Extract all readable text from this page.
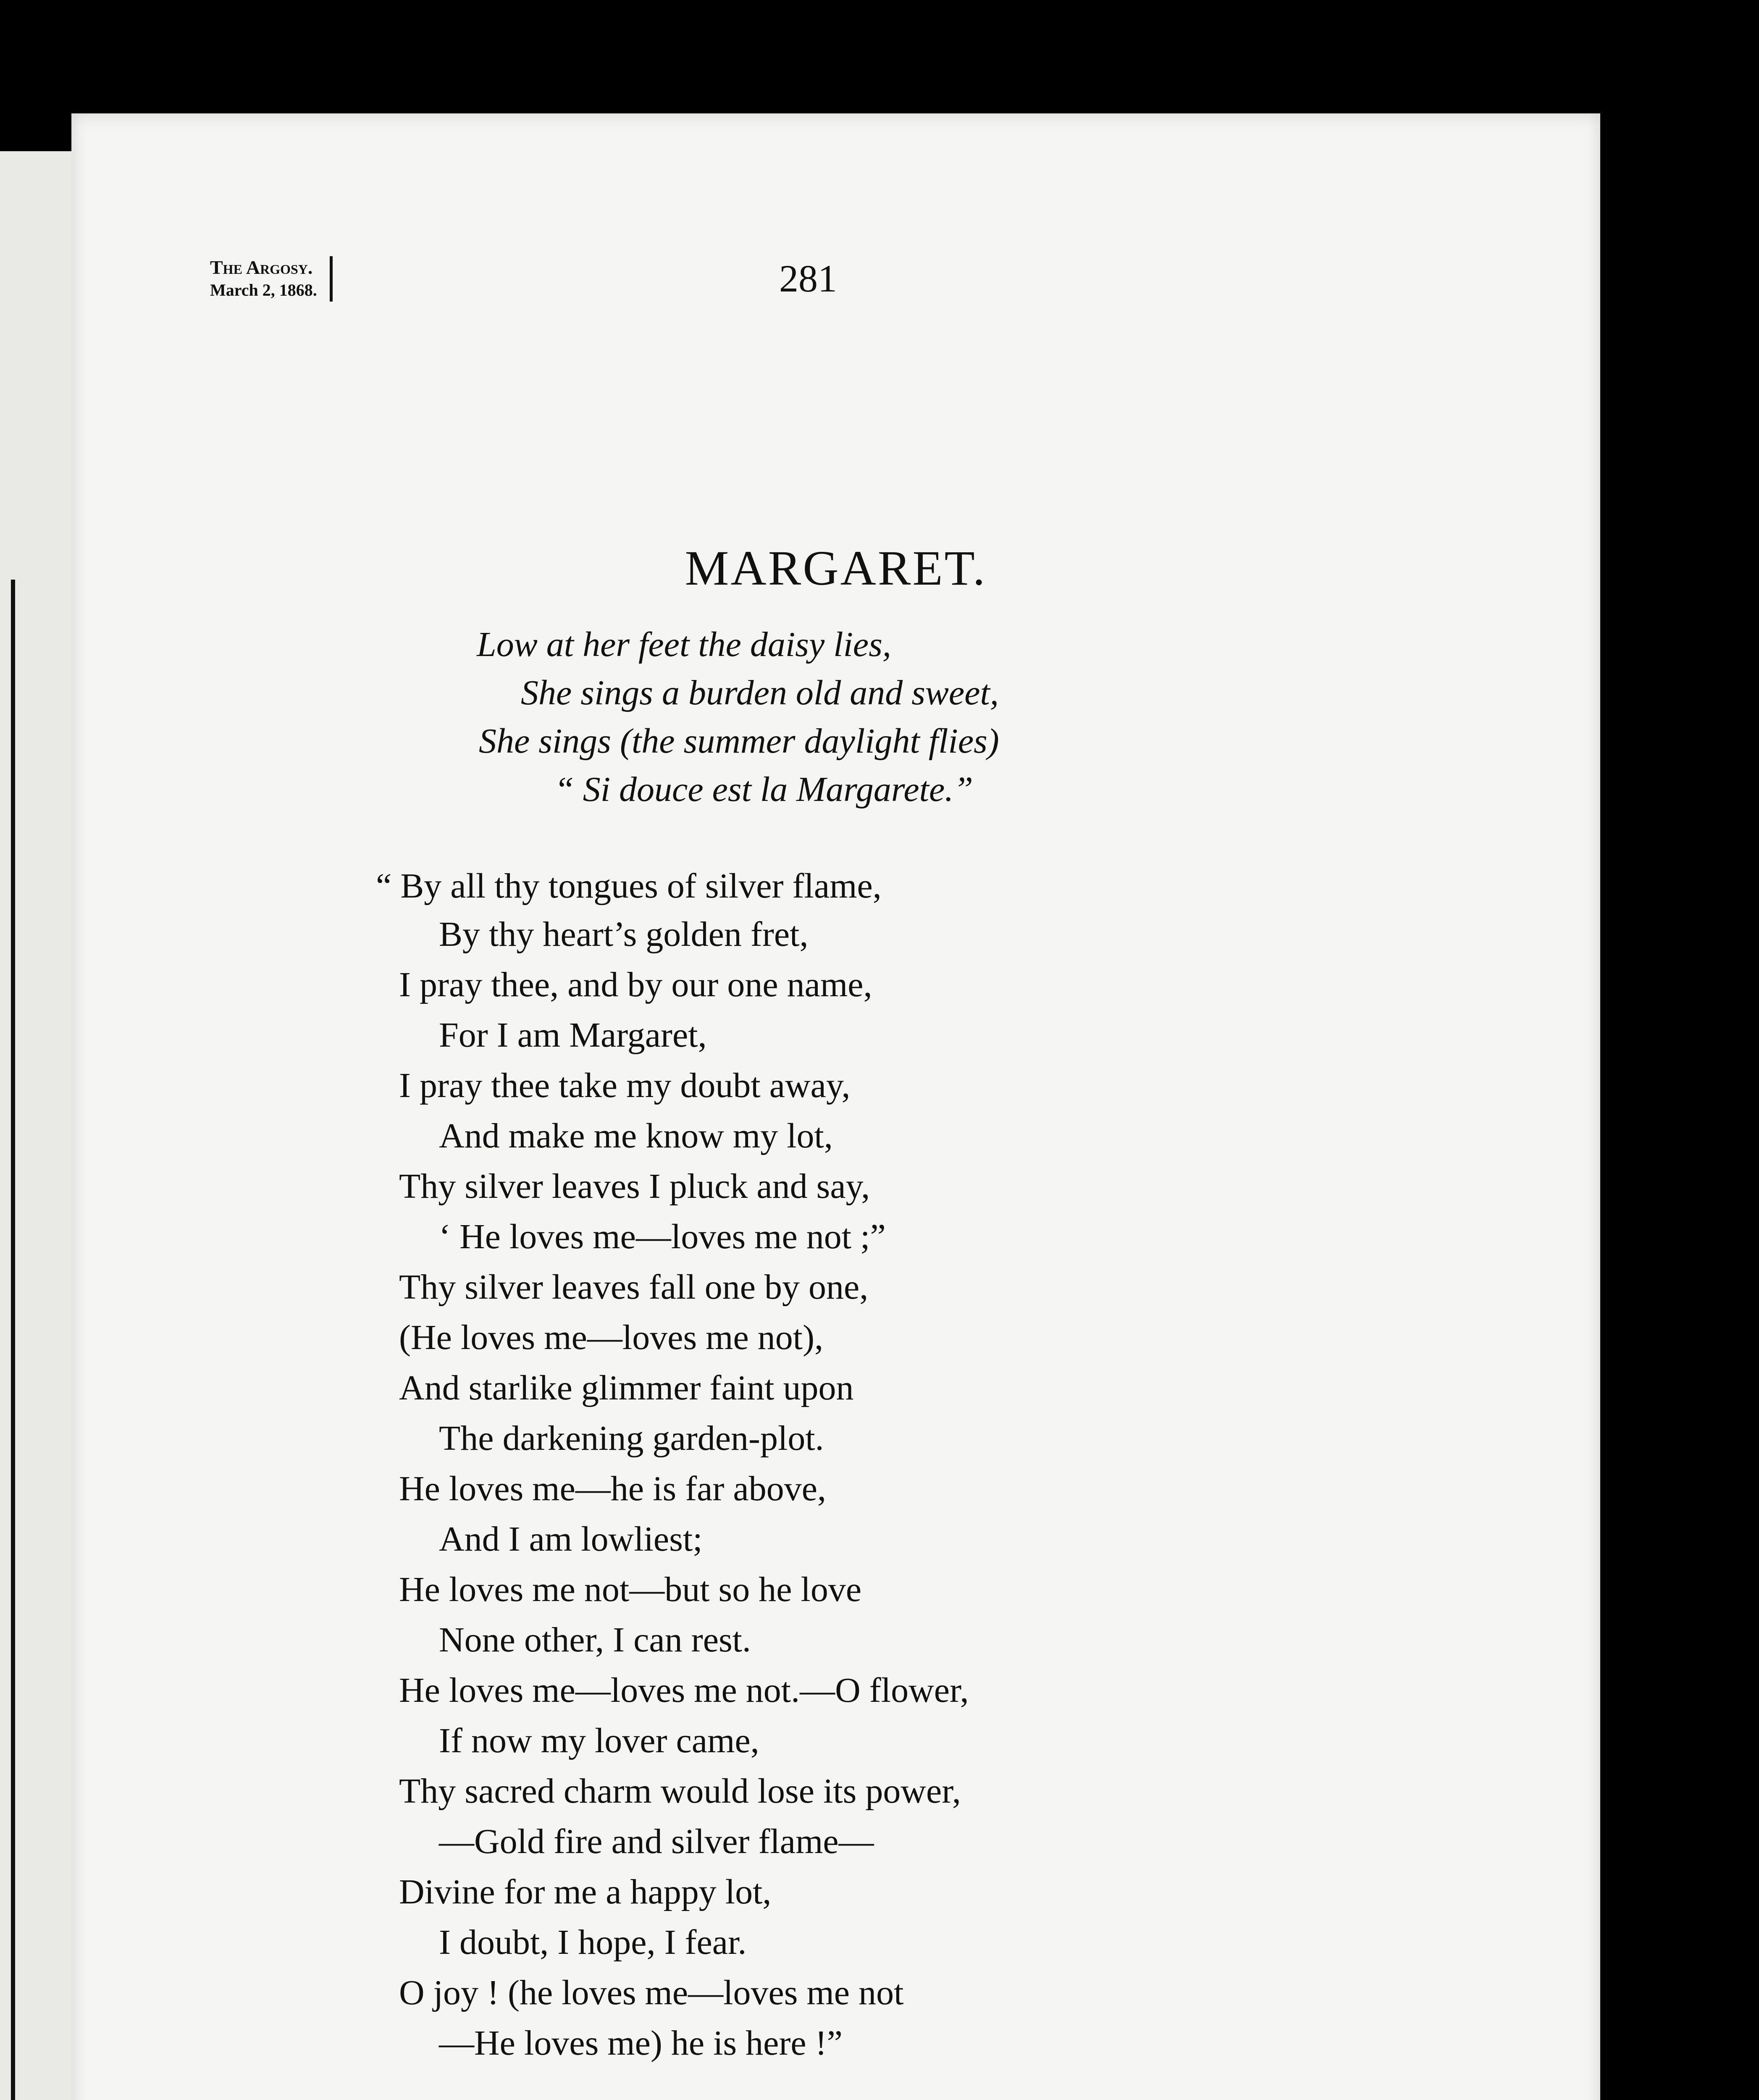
The Argosy.
March 2, 1868.	281
MARGARET.
Low at her feet the daisy lies,
She sings a burden old and sweet,
She sings (the summer daylight flies)
“ Si douce est la Margarete.”
“ By all thy tongues of silver flame,
By thy heart’s golden fret,
I pray thee, and by our one name,
For I am Margaret,
I pray thee take my doubt away,
And make me know my lot,
Thy silver leaves I pluck and say,
‘ He loves me—loves me not ;”
Thy silver leaves fall one by one,
(He loves me—loves me not),
And starlike glimmer faint upon
The darkening garden-plot.
He loves me—he is far above,
And I am lowliest;
He loves me not—but so he love
None other, I can rest.
He loves me—loves me not.—O flower,
If now my lover came,
Thy sacred charm would lose its power,
—Gold fire and silver flame—
Divine for me a happy lot,
I doubt, I hope, I fear.
O joy ! (he loves me—loves me not
—He loves me) he is here !”
